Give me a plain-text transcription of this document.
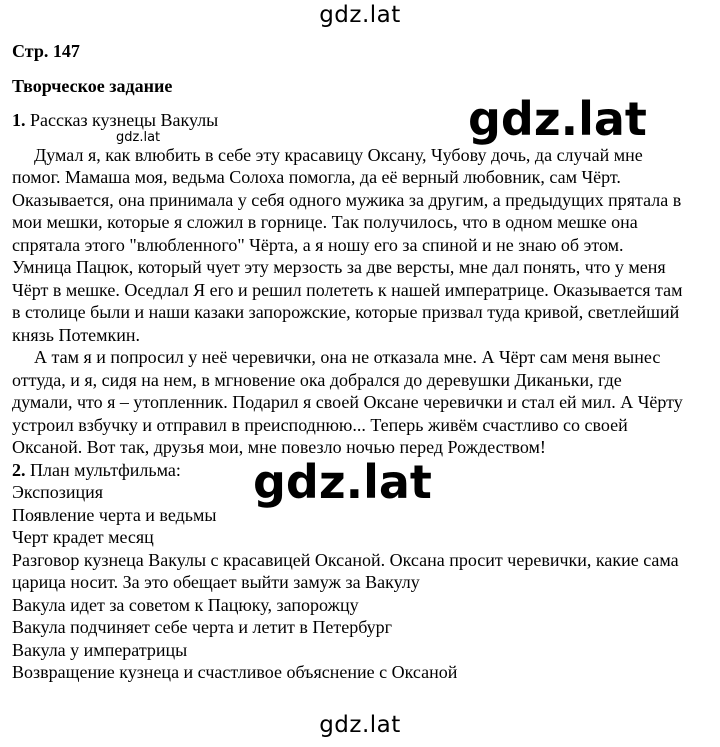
gdz.lat
Стр. 147
Творческое задание
1. Рассказ кузнецы Вакулы
Думал я, как влюбить в себе эту красавицу Оксану, Чубову дочь, да случай мне
помог. Мамаша моя, ведьма Солоха помогла, да её верный любовник, сам Чёрт.
Оказывается, она принимала у себя одного мужика за другим, а предыдущих прятала в
мои мешки, которые я сложил в горнице. Так получилось, что в одном мешке она
спрятала этого "влюбленного" Чёрта, а я ношу его за спиной и не знаю об этом.
Умница Пацюк, который чует эту мерзость за две версты, мне дал понять, что у меня
Чёрт в мешке. Оседлал Я его и решил полететь к нашей императрице. Оказывается там
в столице были и наши казаки запорожские, которые призвал туда кривой, светлейший
князь Потемкин.
А там я и попросил у неё черевички, она не отказала мне. А Чёрт сам меня вынес
оттуда, и я, сидя на нем, в мгновение ока добрался до деревушки Диканьки, где
думали, что я – утопленник. Подарил я своей Оксане черевички и стал ей мил. А Чёрту
устроил взбучку и отправил в преисподнюю... Теперь живём счастливо со своей
Оксаной. Вот так, друзья мои, мне повезло ночью перед Рождеством!
2. План мультфильма:
Экспозиция
Появление черта и ведьмы
Черт крадет месяц
Разговор кузнеца Вакулы с красавицей Оксаной. Оксана просит черевички, какие сама
царица носит. За это обещает выйти замуж за Вакулу
Вакула идет за советом к Пацюку, запорожцу
Вакула подчиняет себе черта и летит в Петербург
Вакула у императрицы
Возвращение кузнеца и счастливое объяснение с Оксаной
gdz.lat
gdz.lat
gdz.lat
gdz.lat
